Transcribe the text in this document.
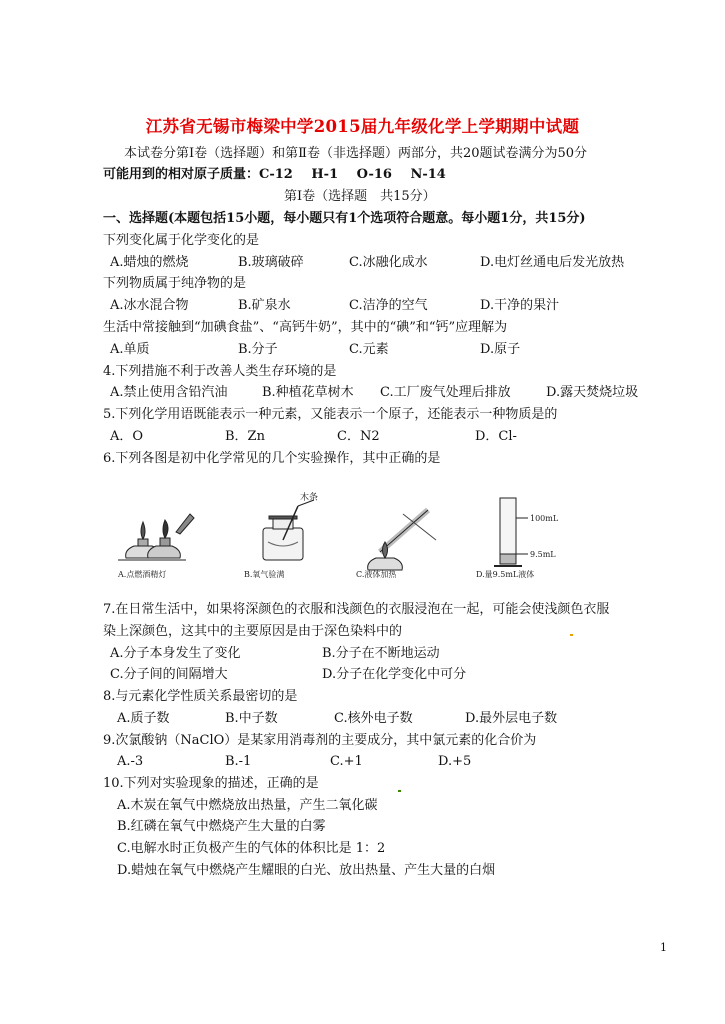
江苏省无锡市梅梁中学2015届九年级化学上学期期中试题
本试卷分第Ⅰ卷（选择题）和第Ⅱ卷（非选择题）两部分，共20题试卷满分为50分
可能用到的相对原子质量：C-12 H-1 O-16 N-14
第Ⅰ卷（选择题　共15分）
一、选择题(本题包括15小题，每小题只有1个选项符合题意。每小题1分，共15分)
下列变化属于化学变化的是
A.蜡烛的燃烧	B.玻璃破碎	C.冰融化成水	D.电灯丝通电后发光放热
下列物质属于纯净物的是
A.冰水混合物	B.矿泉水	C.洁净的空气	D.干净的果汁
生活中常接触到“加碘食盐”、“高钙牛奶”，其中的“碘”和“钙”应理解为
A.单质	B.分子	C.元素	D.原子
4.下列措施不利于改善人类生存环境的是
A.禁止使用含铅汽油	B.种植花草树木 C.工厂废气处理后排放	D.露天焚烧垃圾
5.下列化学用语既能表示一种元素，又能表示一个原子，还能表示一种物质是的
A．O	B．Zn	C．N2	D．Cl-
6.下列各图是初中化学常见的几个实验操作，其中正确的是
木条
100mL
9.5mL
A.点燃酒精灯	B.氧气验满	C.液体加热	D.量9.5mL液体
7.在日常生活中，如果将深颜色的衣服和浅颜色的衣服浸泡在一起，可能会使浅颜色衣服
染上深颜色，这其中的主要原因是由于深色染料中的
A.分子本身发生了变化	B.分子在不断地运动
C.分子间的间隔增大	D.分子在化学变化中可分
8.与元素化学性质关系最密切的是
A.质子数	B.中子数	C.核外电子数	D.最外层电子数
9.次氯酸钠（NaClO）是某家用消毒剂的主要成分，其中氯元素的化合价为
A.-3	B.-1	C.+1	D.+5
10.下列对实验现象的描述，正确的是
A.木炭在氧气中燃烧放出热量，产生二氧化碳
B.红磷在氧气中燃烧产生大量的白雾
C.电解水时正负极产生的气体的体积比是 1：2
D.蜡烛在氧气中燃烧产生耀眼的白光、放出热量、产生大量的白烟
1
